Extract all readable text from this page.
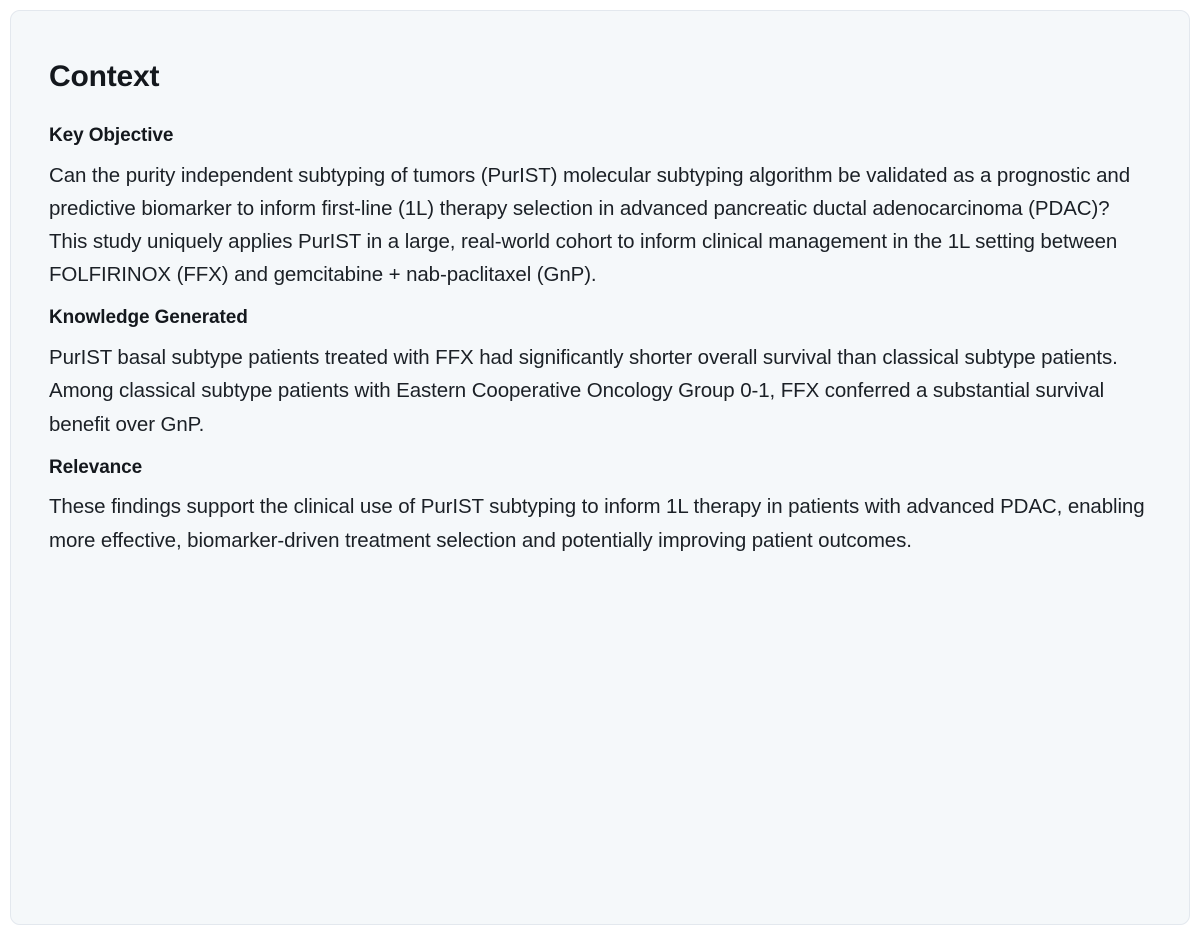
Context
Key Objective

Can the purity independent subtyping of tumors (PurIST) molecular subtyping algorithm be validated as a prognostic and predictive biomarker to inform first-line (1L) therapy selection in advanced pancreatic ductal adenocarcinoma (PDAC)? This study uniquely applies PurIST in a large, real-world cohort to inform clinical management in the 1L setting between FOLFIRINOX (FFX) and gemcitabine + nab-paclitaxel (GnP).

Knowledge Generated

PurIST basal subtype patients treated with FFX had significantly shorter overall survival than classical subtype patients. Among classical subtype patients with Eastern Cooperative Oncology Group 0-1, FFX conferred a substantial survival benefit over GnP.

Relevance

These findings support the clinical use of PurIST subtyping to inform 1L therapy in patients with advanced PDAC, enabling more effective, biomarker-driven treatment selection and potentially improving patient outcomes.
